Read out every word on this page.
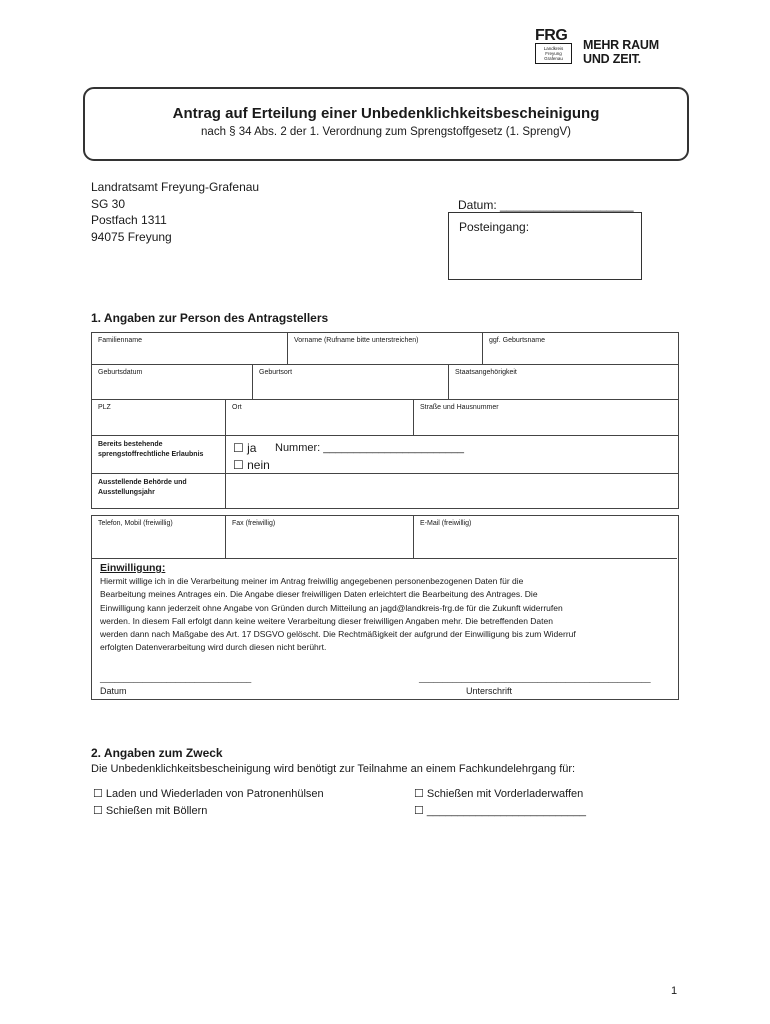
FRG
Landkreis
Freyung
Grafenau
MEHR RAUM
UND ZEIT.
Antrag auf Erteilung einer Unbedenklichkeitsbescheinigung
nach § 34 Abs. 2 der 1. Verordnung zum Sprengstoffgesetz (1. SprengV)
Landratsamt Freyung-Grafenau
SG 30
Postfach 1311
94075 Freyung
Datum: ____________________
Posteingang:
1. Angaben zur Person des Antragstellers
Familienname	Vorname (Rufname bitte unterstreichen)	ggf. Geburtsname
Geburtsdatum	Geburtsort	Staatsangehörigkeit
PLZ	Ort	Straße und Hausnummer
Bereits bestehende
sprengstoffrechtliche Erlaubnis	☐ ja Nummer: _______________________
☐ nein
Ausstellende Behörde und
Ausstellungsjahr
Telefon, Mobil (freiwillig)	Fax (freiwillig)	E-Mail (freiwillig)
Einwilligung:
Hiermit willige ich in die Verarbeitung meiner im Antrag freiwillig angegebenen personenbezogenen Daten für die
Bearbeitung meines Antrages ein. Die Angabe dieser freiwilligen Daten erleichtert die Bearbeitung des Antrages. Die
Einwilligung kann jederzeit ohne Angabe von Gründen durch Mitteilung an jagd@landkreis-frg.de für die Zukunft widerrufen
werden. In diesem Fall erfolgt dann keine weitere Verarbeitung dieser freiwilligen Angaben mehr. Die betreffenden Daten
werden dann nach Maßgabe des Art. 17 DSGVO gelöscht. Die Rechtmäßigkeit der aufgrund der Einwilligung bis zum Widerruf
erfolgten Datenverarbeitung wird durch diesen nicht berührt.
________________________________	_________________________________________________
Datum	Unterschrift
2. Angaben zum Zweck
Die Unbedenklichkeitsbescheinigung wird benötigt zur Teilnahme an einem Fachkundelehrgang für:
☐ Laden und Wiederladen von Patronenhülsen	☐ Schießen mit Vorderladerwaffen
☐ Schießen mit Böllern	☐ __________________________
1
